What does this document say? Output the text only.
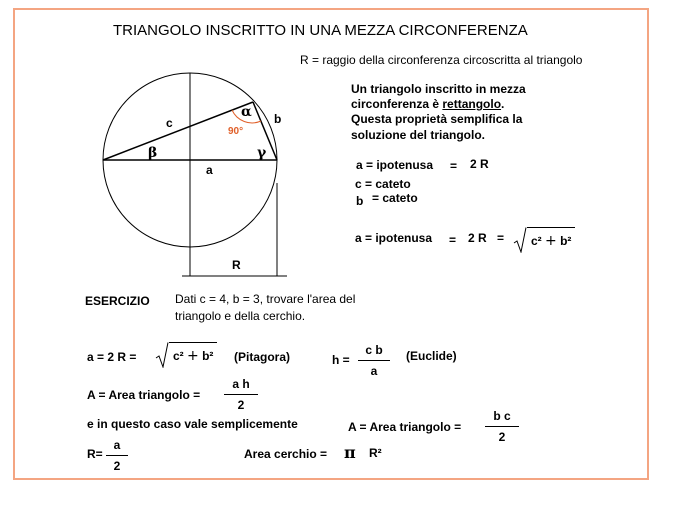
TRIANGOLO INSCRITTO IN UNA MEZZA CIRCONFERENZA
R = raggio della circonferenza circoscritta al triangolo
c	b
a
α
β	γ
90°
R
Un triangolo inscritto in mezza
circonferenza è rettangolo.
Questa proprietà semplifica la
soluzione del triangolo.
a = ipotenusa = 2 R
c = cateto
b = cateto
a = ipotenusa = 2 R =	c² + b²
ESERCIZIO Dati c = 4, b = 3, trovare l'area del
triangolo e della cerchio.
a = 2 R =	c² + b²	(Pitagora)	h =
c b
a
(Euclide)
A = Area triangolo =
a h
2
e in questo caso vale semplicemente	A = Area triangolo =
b c
2
R=
a
2
Area cerchio = π R²
